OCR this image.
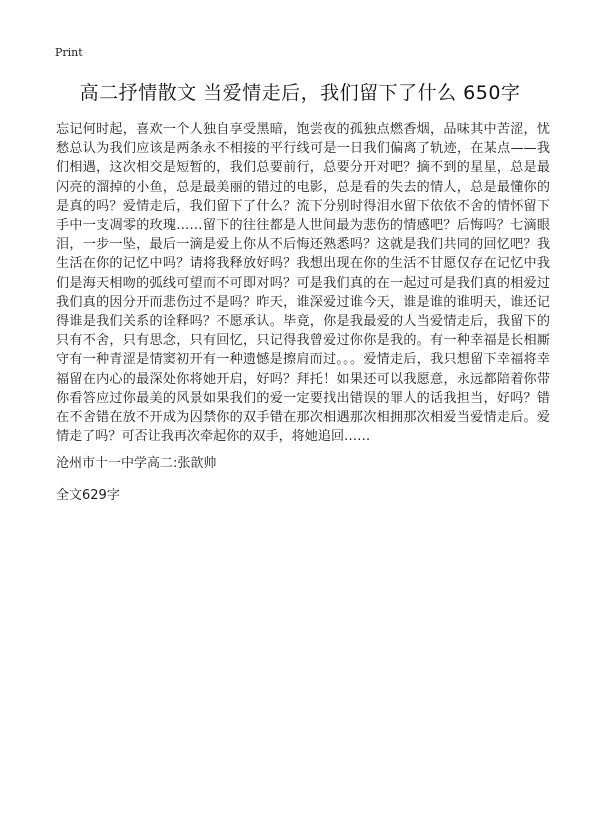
Print
高二抒情散文 当爱情走后，我们留下了什么 650字

忘记何时起，喜欢一个人独自享受黑暗，饱尝夜的孤独点燃香烟，品味其中苦涩，忧愁总认为我们应该是两条永不相接的平行线可是一日我们偏离了轨迹，在某点——我们相遇，这次相交是短暂的，我们总要前行，总要分开对吧？摘不到的星星，总是最闪亮的溜掉的小鱼，总是最美丽的错过的电影，总是看的失去的情人，总是最懂你的是真的吗？爱情走后，我们留下了什么？流下分别时得泪水留下依依不舍的情怀留下手中一支凋零的玫瑰……留下的往往都是人世间最为悲伤的情感吧？后悔吗？七滴眼泪，一步一坠，最后一滴是爱上你从不后悔还熟悉吗？这就是我们共同的回忆吧？我生活在你的记忆中吗？请将我释放好吗？我想出现在你的生活不甘愿仅存在记忆中我们是海天相吻的弧线可望而不可即对吗？可是我们真的在一起过可是我们真的相爱过我们真的因分开而悲伤过不是吗？昨天，谁深爱过谁今天，谁是谁的谁明天，谁还记得谁是我们关系的诠释吗？不愿承认。毕竟，你是我最爱的人当爱情走后，我留下的只有不舍，只有思念，只有回忆，只记得我曾爱过你你是我的。有一种幸福是长相厮守有一种青涩是情窦初开有一种遗憾是擦肩而过。。。爱情走后，我只想留下幸福将幸福留在内心的最深处你将她开启，好吗？拜托！如果还可以我愿意，永远都陪着你带你看答应过你最美的风景如果我们的爱一定要找出错误的罪人的话我担当，好吗？错在不舍错在放不开成为囚禁你的双手错在那次相遇那次相拥那次相爱当爱情走后。爱情走了吗？可否让我再次牵起你的双手，将她追回……

沧州市十一中学高二:张歆帅

全文629字
